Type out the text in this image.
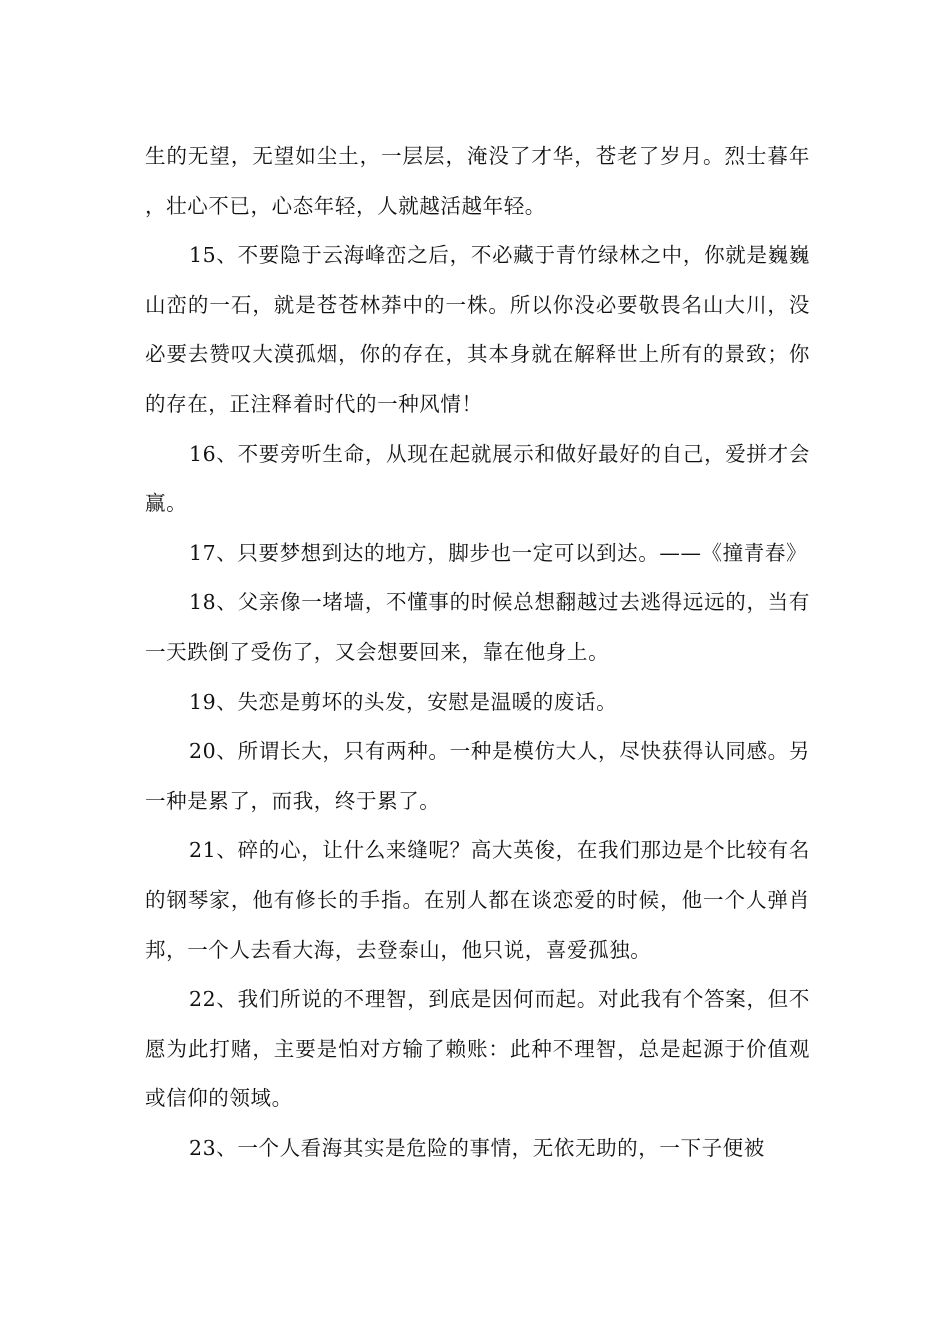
生的无望，无望如尘土，一层层，淹没了才华，苍老了岁月。烈士暮年，壮心不已，心态年轻，人就越活越年轻。

15、不要隐于云海峰峦之后，不必藏于青竹绿林之中，你就是巍巍山峦的一石，就是苍苍林莽中的一株。所以你没必要敬畏名山大川，没必要去赞叹大漠孤烟，你的存在，其本身就在解释世上所有的景致；你的存在，正注释着时代的一种风情！

16、不要旁听生命，从现在起就展示和做好最好的自己，爱拼才会赢。

17、只要梦想到达的地方，脚步也一定可以到达。——《撞青春》

18、父亲像一堵墙，不懂事的时候总想翻越过去逃得远远的，当有一天跌倒了受伤了，又会想要回来，靠在他身上。

19、失恋是剪坏的头发，安慰是温暖的废话。

20、所谓长大，只有两种。一种是模仿大人，尽快获得认同感。另一种是累了，而我，终于累了。

21、碎的心，让什么来缝呢？高大英俊，在我们那边是个比较有名的钢琴家，他有修长的手指。在别人都在谈恋爱的时候，他一个人弹肖邦，一个人去看大海，去登泰山，他只说，喜爱孤独。

22、我们所说的不理智，到底是因何而起。对此我有个答案，但不愿为此打赌，主要是怕对方输了赖账：此种不理智，总是起源于价值观或信仰的领域。

23、一个人看海其实是危险的事情，无依无助的，一下子便被
